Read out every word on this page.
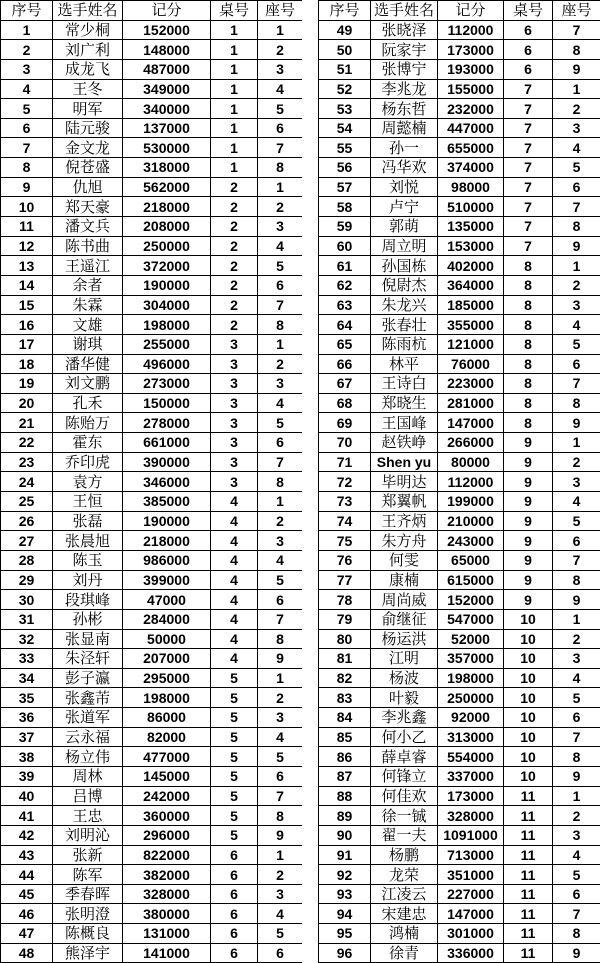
序号	选手姓名	记分	桌号	座号
1	常少桐	152000	1	1
2	刘广利	148000	1	2
3	成龙飞	487000	1	3
4	王冬	349000	1	4
5	明军	340000	1	5
6	陆元骏	137000	1	6
7	金文龙	530000	1	7
8	倪苍盛	318000	1	8
9	仇旭	562000	2	1
10	郑天豪	218000	2	2
11	潘文兵	208000	2	3
12	陈书曲	250000	2	4
13	王遥江	372000	2	5
14	余者	190000	2	6
15	朱霖	304000	2	7
16	文雄	198000	2	8
17	谢琪	255000	3	1
18	潘华健	496000	3	2
19	刘文鹏	273000	3	3
20	孔禾	150000	3	4
21	陈贻万	278000	3	5
22	霍东	661000	3	6
23	乔印虎	390000	3	7
24	袁方	346000	3	8
25	王恒	385000	4	1
26	张磊	190000	4	2
27	张晨旭	218000	4	3
28	陈玉	986000	4	4
29	刘丹	399000	4	5
30	段琪峰	47000	4	6
31	孙彬	284000	4	7
32	张显南	50000	4	8
33	朱泾轩	207000	4	9
34	彭子瀛	295000	5	1
35	张鑫芾	198000	5	2
36	张道军	86000	5	3
37	云永福	82000	5	4
38	杨立伟	477000	5	5
39	周林	145000	5	6
40	吕博	242000	5	7
41	王忠	360000	5	8
42	刘明沁	296000	5	9
43	张新	822000	6	1
44	陈军	382000	6	2
45	季春晖	328000	6	3
46	张明澄	380000	6	4
47	陈概良	131000	6	5
48	熊泽宇	141000	6	6
序号	选手姓名	记分	桌号	座号
49	张晓泽	112000	6	7
50	阮家宇	173000	6	8
51	张博宁	193000	6	9
52	李兆龙	155000	7	1
53	杨东哲	232000	7	2
54	周懿楠	447000	7	3
55	孙一	655000	7	4
56	冯华欢	374000	7	5
57	刘悦	98000	7	6
58	卢宁	510000	7	7
59	郭萌	135000	7	8
60	周立明	153000	7	9
61	孙国栋	402000	8	1
62	倪尉杰	364000	8	2
63	朱龙兴	185000	8	3
64	张春壮	355000	8	4
65	陈雨杭	121000	8	5
66	林平	76000	8	6
67	王诗白	223000	8	7
68	郑晓生	281000	8	8
69	王国峰	147000	8	9
70	赵铁峥	266000	9	1
71	Shen yu	80000	9	2
72	毕明达	112000	9	3
73	郑翼帆	199000	9	4
74	王齐炳	210000	9	5
75	朱方舟	243000	9	6
76	何雯	65000	9	7
77	康楠	615000	9	8
78	周尚威	152000	9	9
79	俞继征	547000	10	1
80	杨运洪	52000	10	2
81	江明	357000	10	3
82	杨波	198000	10	4
83	叶毅	250000	10	5
84	李兆鑫	92000	10	6
85	何小乙	313000	10	7
86	薛卓睿	554000	10	8
87	何锋立	337000	10	9
88	何佳欢	173000	11	1
89	徐一铖	328000	11	2
90	翟一夫	1091000	11	3
91	杨鹏	713000	11	4
92	龙荣	351000	11	5
93	江凌云	227000	11	6
94	宋建忠	147000	11	7
95	鸿楠	301000	11	8
96	徐青	336000	11	9
